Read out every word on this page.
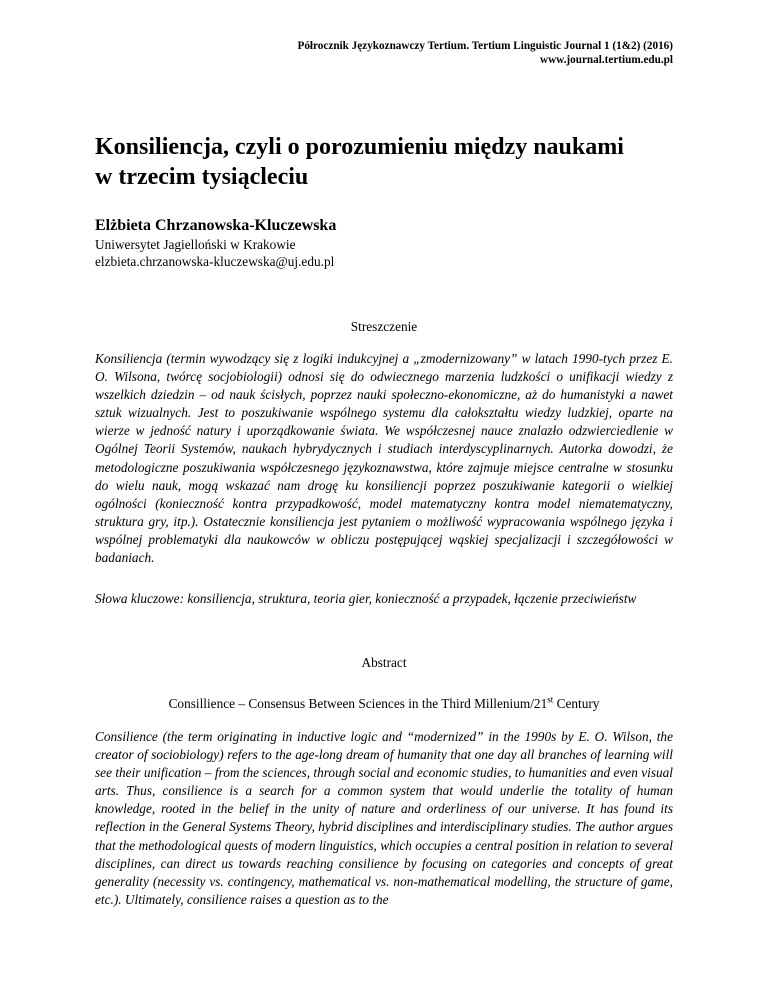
Półrocznik Językoznawczy Tertium. Tertium Linguistic Journal 1 (1&2) (2016)
www.journal.tertium.edu.pl
Konsiliencja, czyli o porozumieniu między naukami
w trzecim tysiącleciu
Elżbieta Chrzanowska-Kluczewska
Uniwersytet Jagielloński w Krakowie
elzbieta.chrzanowska-kluczewska@uj.edu.pl
Streszczenie

Konsiliencja (termin wywodzący się z logiki indukcyjnej a „zmodernizowany” w latach 1990-tych przez E. O. Wilsona, twórcę socjobiologii) odnosi się do odwiecznego marzenia ludzkości o unifikacji wiedzy z wszelkich dziedzin – od nauk ścisłych, poprzez nauki społeczno-ekonomiczne, aż do humanistyki a nawet sztuk wizualnych. Jest to poszukiwanie wspólnego systemu dla całokształtu wiedzy ludzkiej, oparte na wierze w jedność natury i uporządkowanie świata. We współczesnej nauce znalazło odzwierciedlenie w Ogólnej Teorii Systemów, naukach hybrydycznych i studiach interdyscyplinarnych. Autorka dowodzi, że metodologiczne poszukiwania współczesnego językoznawstwa, które zajmuje miejsce centralne w stosunku do wielu nauk, mogą wskazać nam drogę ku konsiliencji poprzez poszukiwanie kategorii o wielkiej ogólności (konieczność kontra przypadkowość, model matematyczny kontra model niematematyczny, struktura gry, itp.). Ostatecznie konsiliencja jest pytaniem o możliwość wypracowania wspólnego języka i wspólnej problematyki dla naukowców w obliczu postępującej wąskiej specjalizacji i szczegółowości w badaniach.

Słowa kluczowe: konsiliencja, struktura, teoria gier, konieczność a przypadek, łączenie przeciwieństw

Abstract
Consillience – Consensus Between Sciences in the Third Millenium/21st Century

Consilience (the term originating in inductive logic and “modernized” in the 1990s by E. O. Wilson, the creator of sociobiology) refers to the age-long dream of humanity that one day all branches of learning will see their unification – from the sciences, through social and economic studies, to humanities and even visual arts. Thus, consilience is a search for a common system that would underlie the totality of human knowledge, rooted in the belief in the unity of nature and orderliness of our universe. It has found its reflection in the General Systems Theory, hybrid disciplines and interdisciplinary studies. The author argues that the methodological quests of modern linguistics, which occupies a central position in relation to several disciplines, can direct us towards reaching consilience by focusing on categories and concepts of great generality (necessity vs. contingency, mathematical vs. non-mathematical modelling, the structure of game, etc.). Ultimately, consilience raises a question as to the
